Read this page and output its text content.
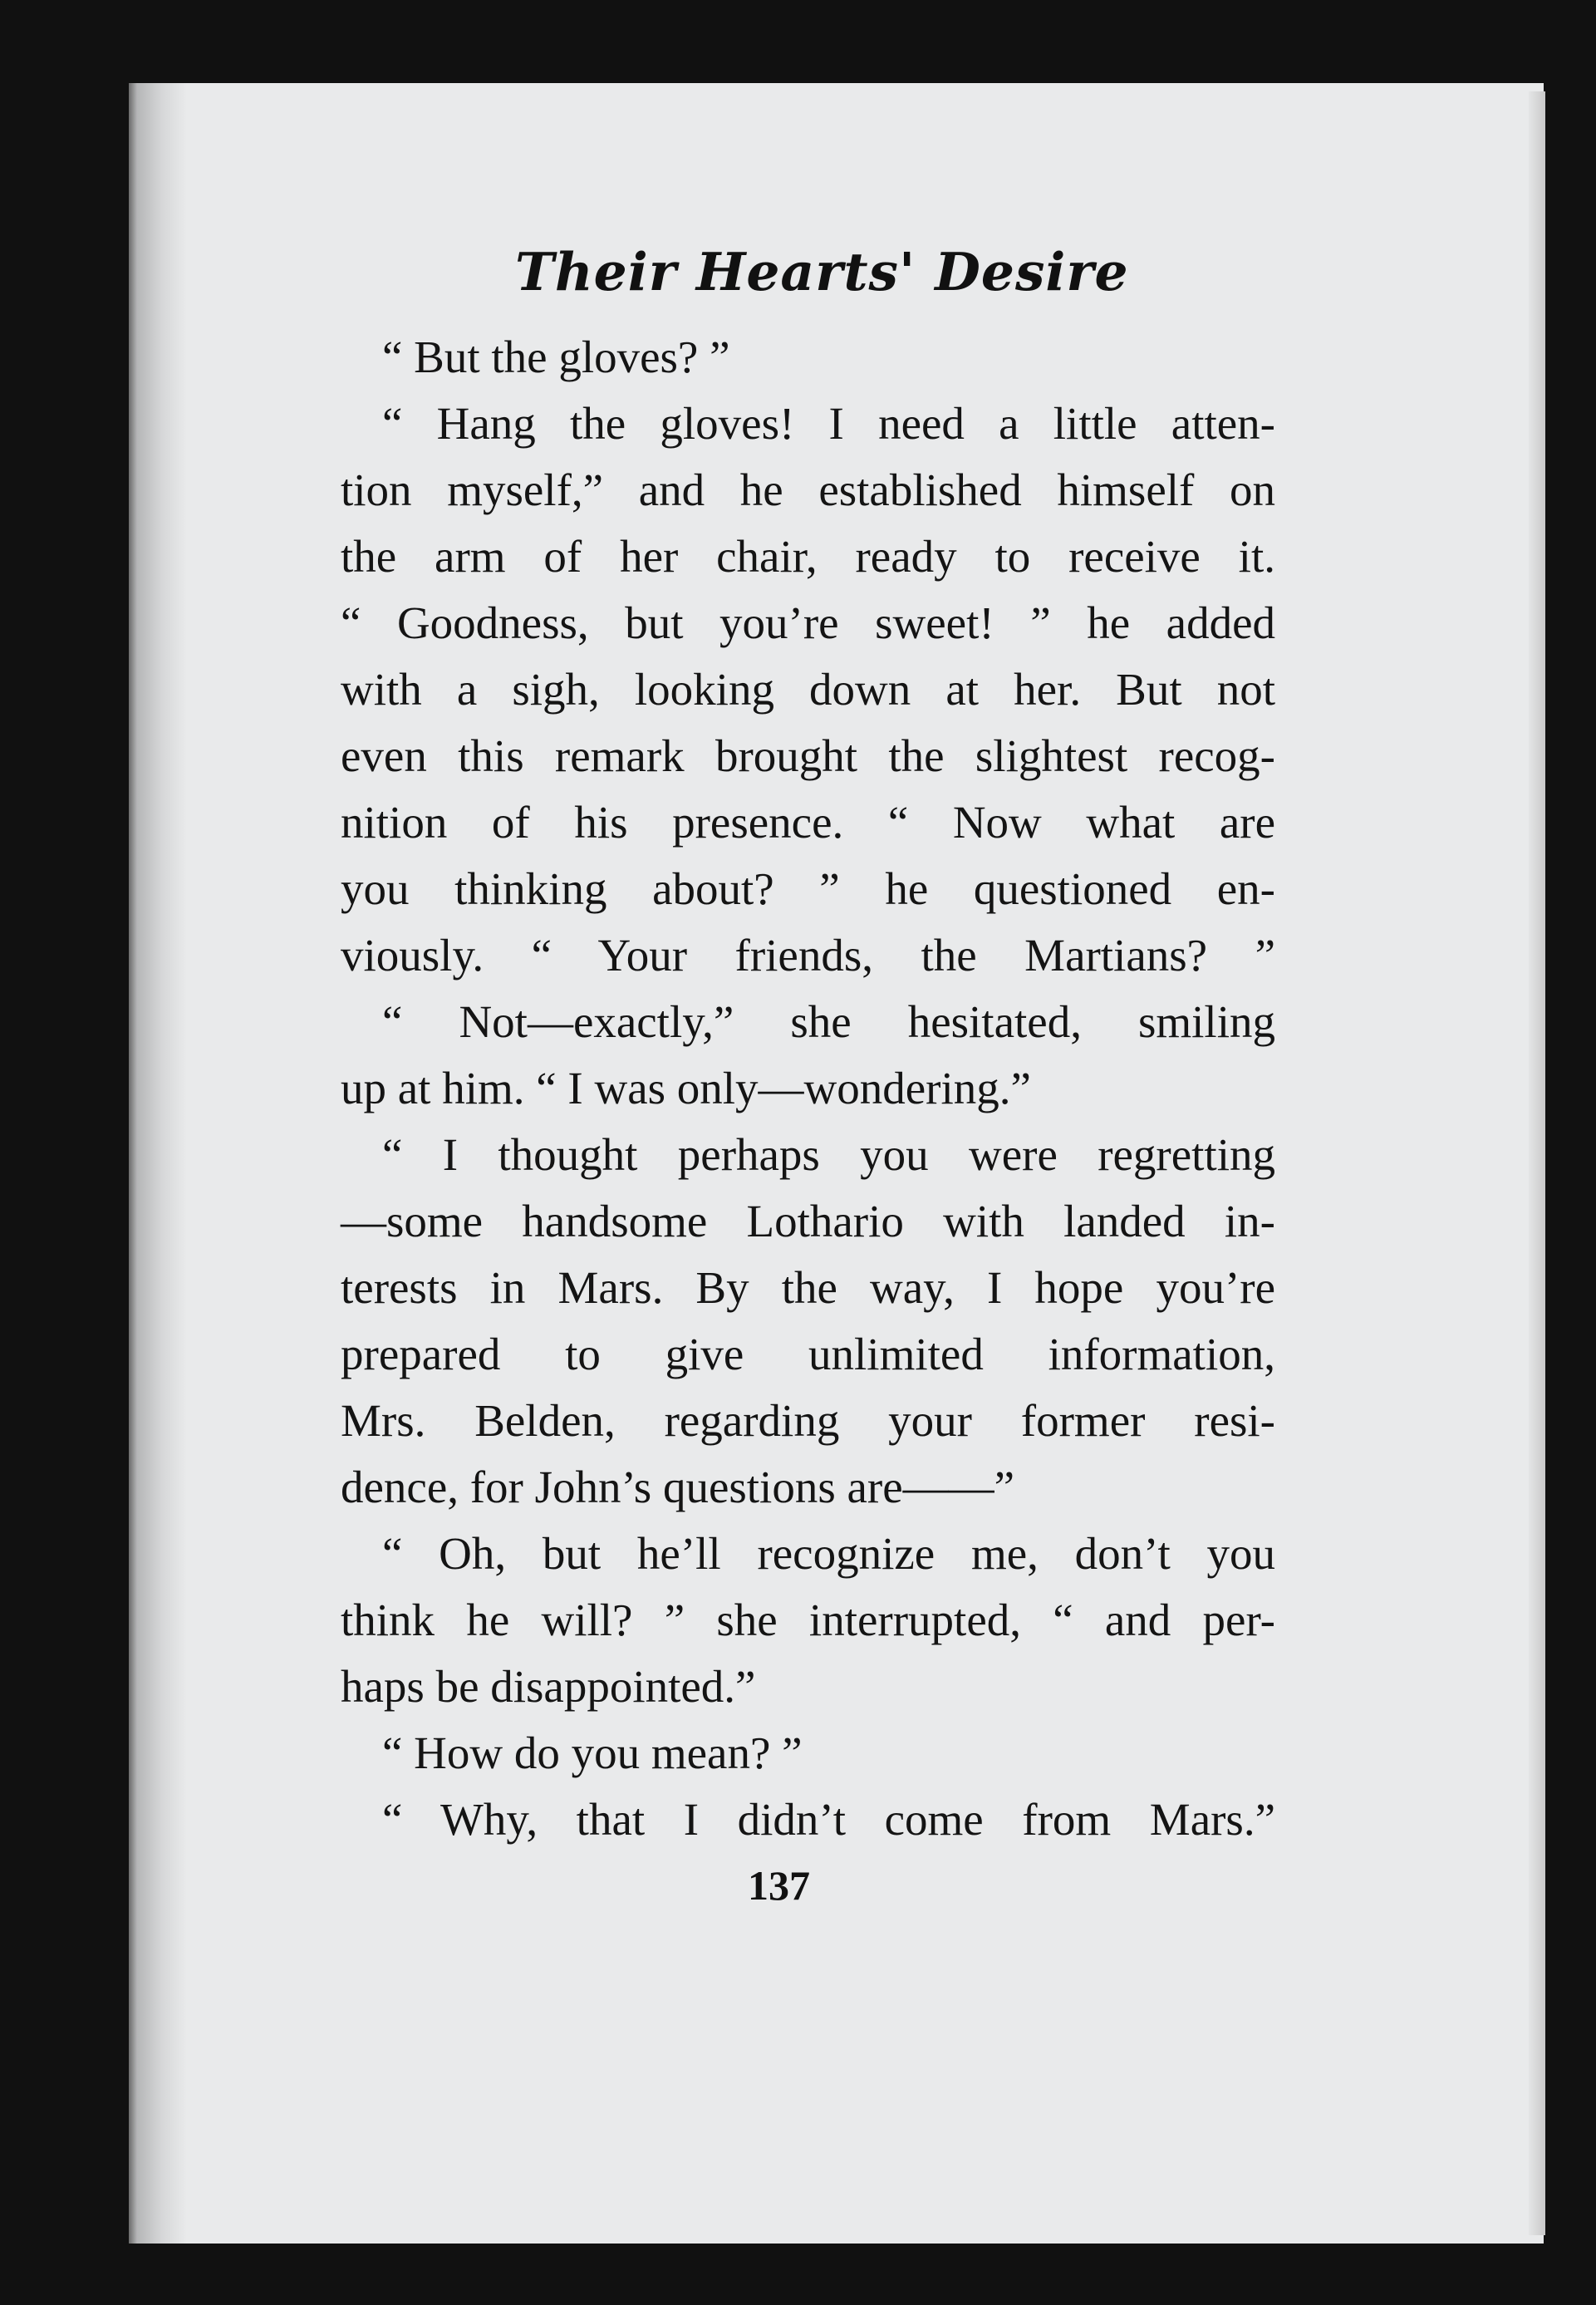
Their Hearts' Desire
“ But the gloves? ”
“ Hang the gloves! I need a little atten-
tion myself,” and he established himself on
the arm of her chair, ready to receive it.
“ Goodness, but you’re sweet! ” he added
with a sigh, looking down at her. But not
even this remark brought the slightest recog-
nition of his presence. “ Now what are
you thinking about? ” he questioned en-
viously. “ Your friends, the Martians? ”
“ Not—exactly,” she hesitated, smiling
up at him. “ I was only—wondering.”
“ I thought perhaps you were regretting
—some handsome Lothario with landed in-
terests in Mars. By the way, I hope you’re
prepared to give unlimited information,
Mrs. Belden, regarding your former resi-
dence, for John’s questions are——”
“ Oh, but he’ll recognize me, don’t you
think he will? ” she interrupted, “ and per-
haps be disappointed.”
“ How do you mean? ”
“ Why, that I didn’t come from Mars.”
137
